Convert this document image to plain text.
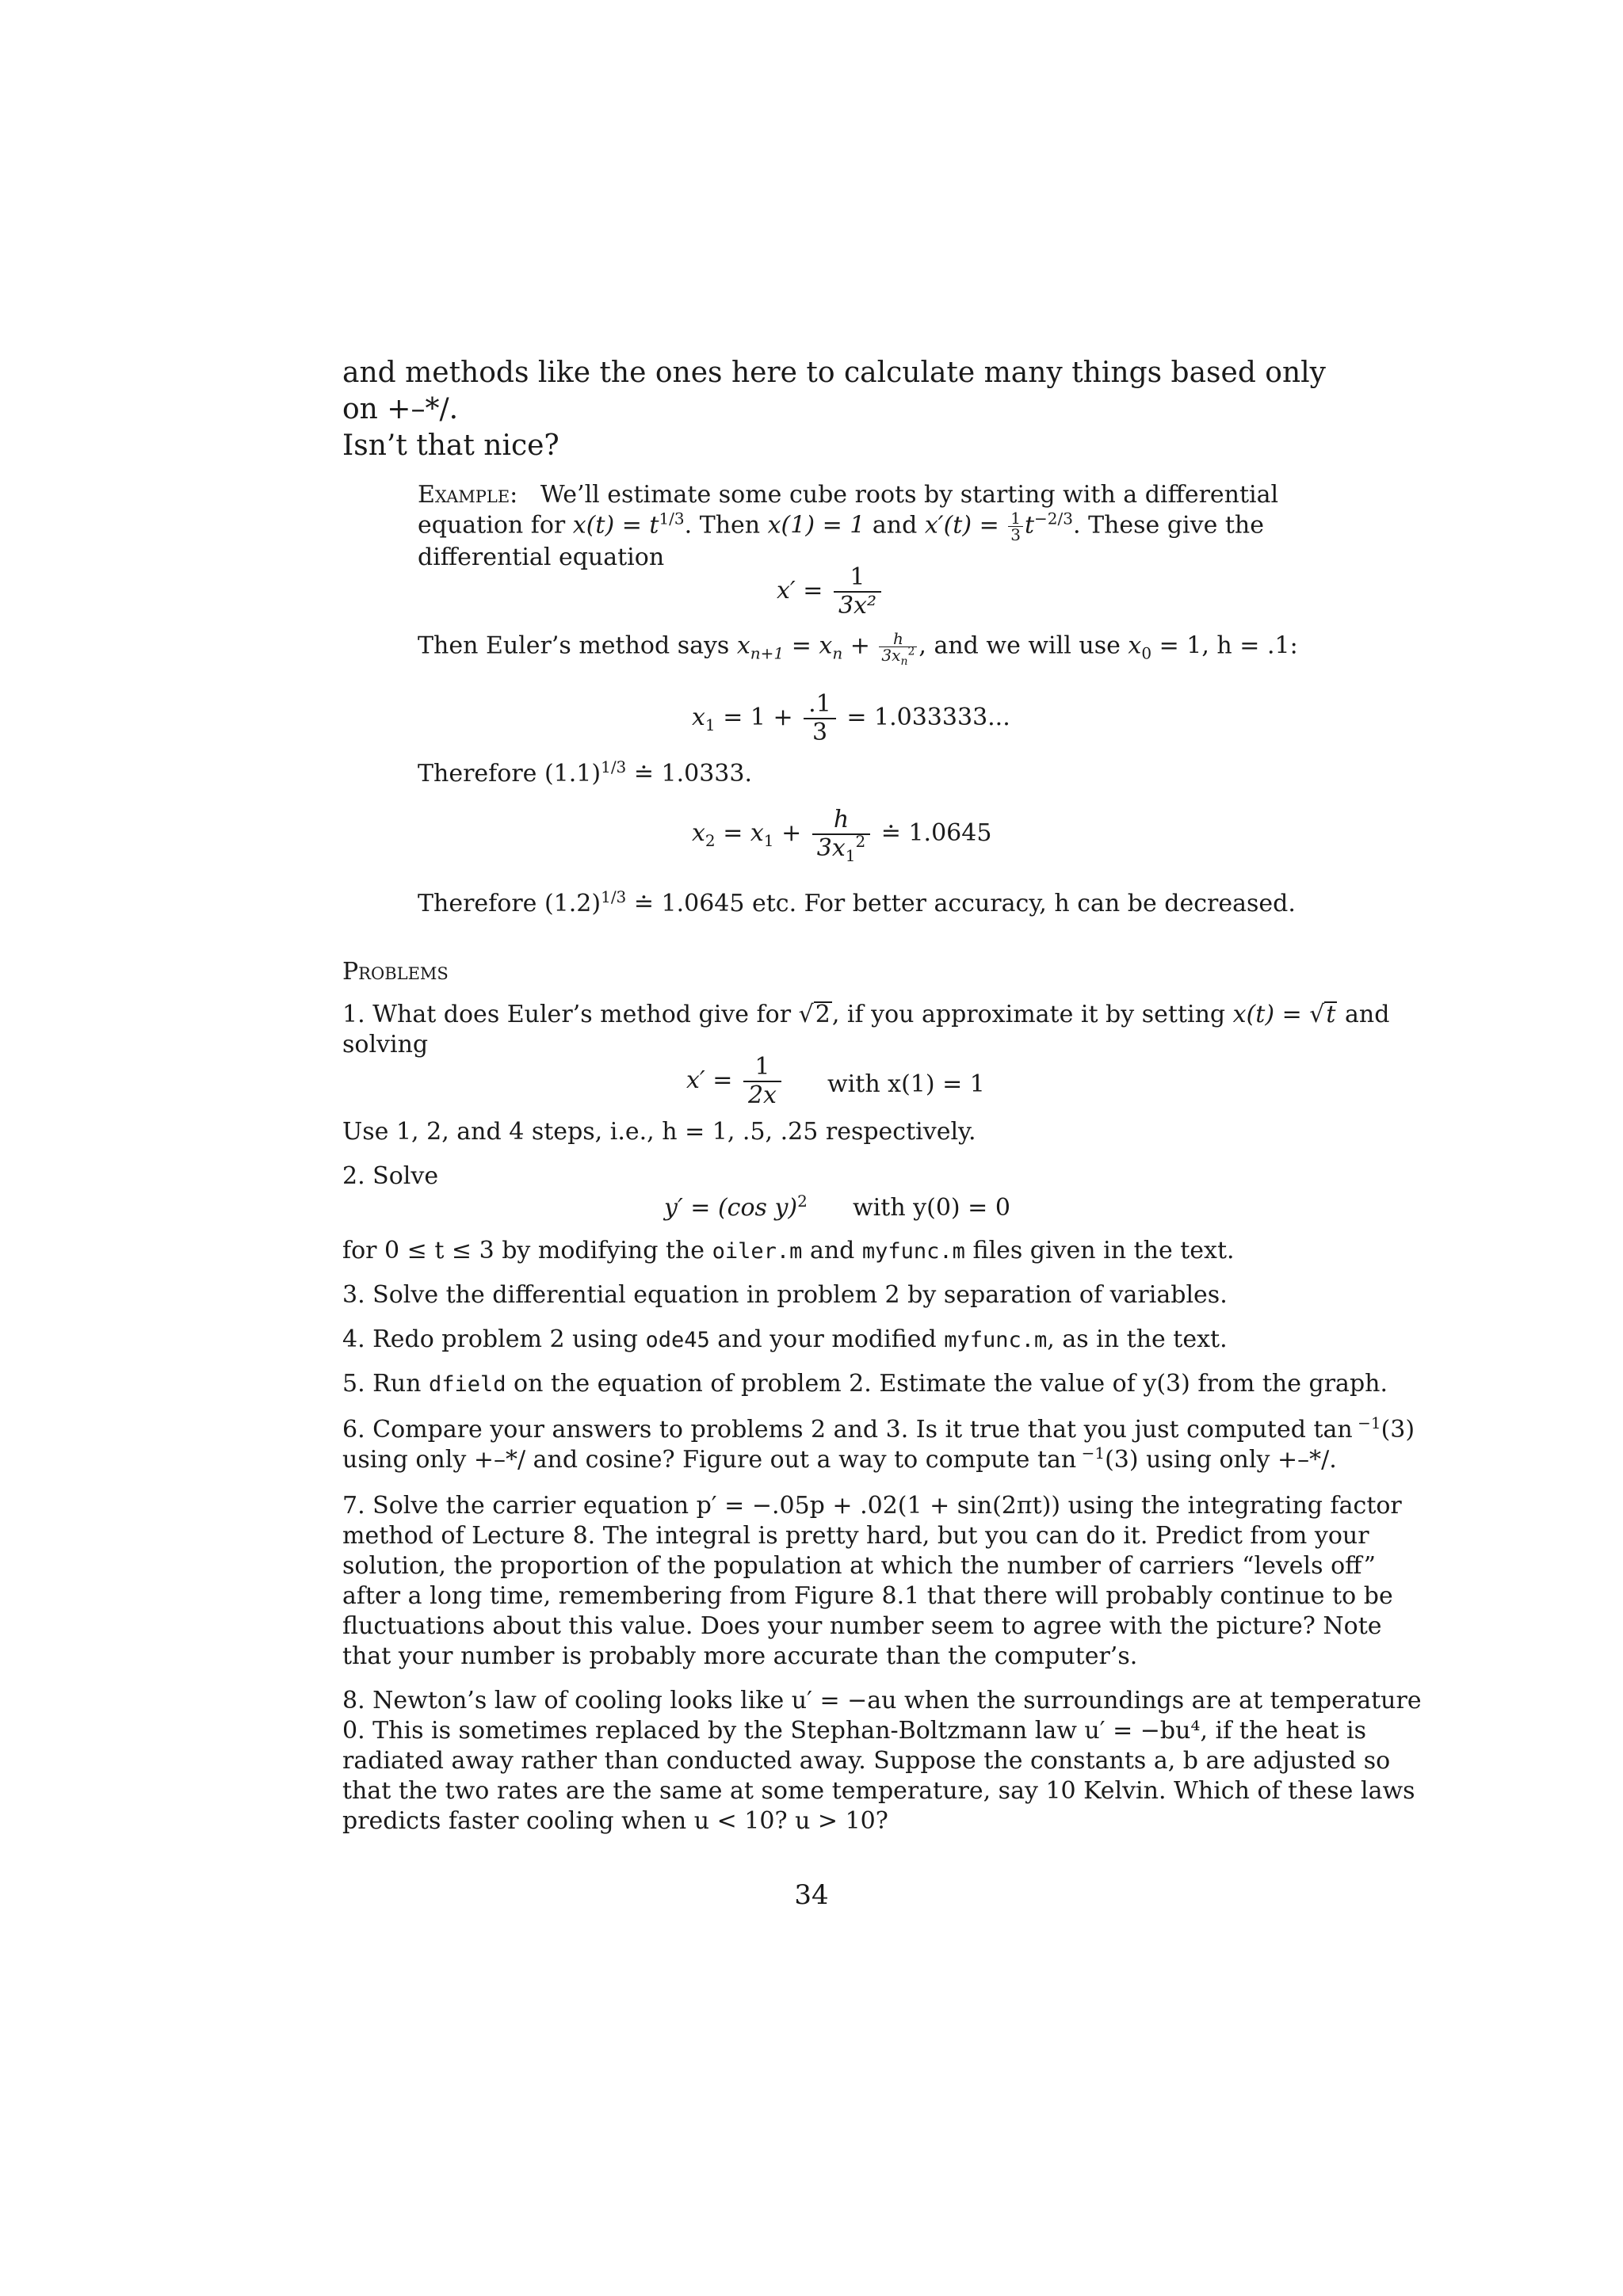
and methods like the ones here to calculate many things based only on +–*/.
Isn’t that nice?
Example: We’ll estimate some cube roots by starting with a differential
equation for $x(t) = t^{1/3}$. Then x(1) = 1 and $x'(t) = \frac{1}{3} t^{-2/3}$. These give the
differential equation
$x' = \frac{1}{\text{3x²}}$
Then Euler’s method says $x_{n+1} = x_n + \frac{h}{3x_n^2}$ , and we will use $x_0 = 1$, h = .1:
$x_1 = 1 + \frac{.1}{3} = 1.033333$...
Therefore $(1.1)^{1/3}$ ≐ 1.0333.
$x_2 = x_1 + \frac{h}{3x_1^2}$ ≐ 1.0645
Therefore $(1.2)^{1/3}$ ≐ 1.0645 etc. For better accuracy, h can be decreased.
Problems
1. What does Euler’s method give for √2, if you approximate it by setting x(t) = √t and
solving
$x' = \frac{1}{2x}$ with x(1) = 1
Use 1, 2, and 4 steps, i.e., h = 1, .5, .25 respectively.
2. Solve
y′ = (cos y)$^2$ with y(0) = 0
for 0 ≤ t ≤ 3 by modifying the oiler.m and myfunc.m files given in the text.
3. Solve the differential equation in problem 2 by separation of variables.
4. Redo problem 2 using ode45 and your modified myfunc.m, as in the text.
5. Run dfield on the equation of problem 2. Estimate the value of y(3) from the graph.
6. Compare your answers to problems 2 and 3. Is it true that you just computed tan $^{-1}$(3)
using only +–*/ and cosine? Figure out a way to compute tan $^{-1}$(3) using only +–*/.
7. Solve the carrier equation p′ = −.05p + .02(1 + sin(2πt)) using the integrating factor
method of Lecture 8. The integral is pretty hard, but you can do it. Predict from your
solution, the proportion of the population at which the number of carriers “levels off”
after a long time, remembering from Figure 8.1 that there will probably continue to be
fluctuations about this value. Does your number seem to agree with the picture? Note
that your number is probably more accurate than the computer’s.
8. Newton’s law of cooling looks like u′ = −au when the surroundings are at temperature
0. This is sometimes replaced by the Stephan-Boltzmann law u′ = −bu⁴, if the heat is
radiated away rather than conducted away. Suppose the constants a, b are adjusted so
that the two rates are the same at some temperature, say 10 Kelvin. Which of these laws
predicts faster cooling when u < 10? u > 10?
34
